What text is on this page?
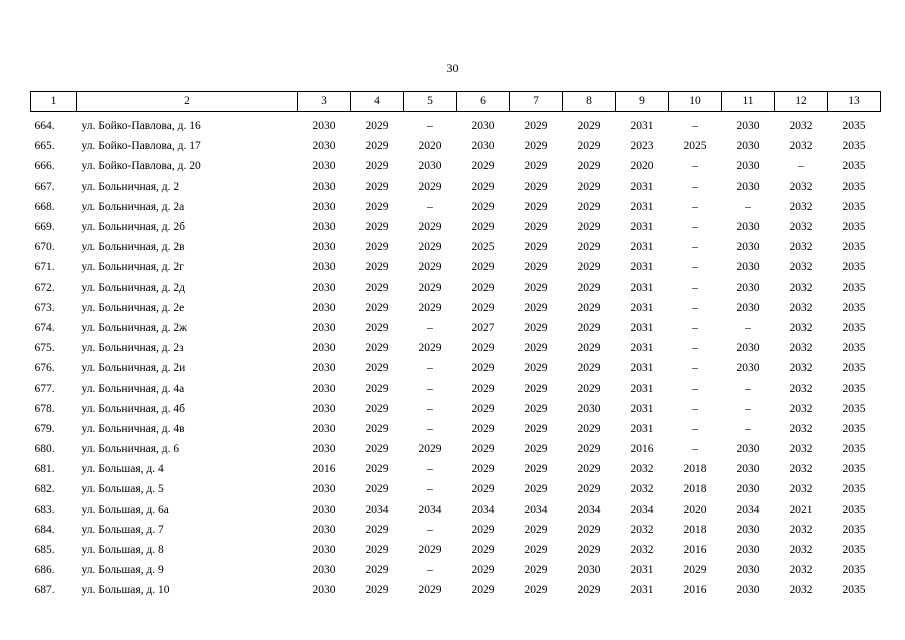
30
1	2	3	4	5	6	7	8	9	10	11	12	13
664.	ул. Бойко-Павлова, д. 16	2030	2029	–	2030	2029	2029	2031	–	2030	2032	2035
665.	ул. Бойко-Павлова, д. 17	2030	2029	2020	2030	2029	2029	2023	2025	2030	2032	2035
666.	ул. Бойко-Павлова, д. 20	2030	2029	2030	2029	2029	2029	2020	–	2030	–	2035
667.	ул. Больничная, д. 2	2030	2029	2029	2029	2029	2029	2031	–	2030	2032	2035
668.	ул. Больничная, д. 2а	2030	2029	–	2029	2029	2029	2031	–	–	2032	2035
669.	ул. Больничная, д. 2б	2030	2029	2029	2029	2029	2029	2031	–	2030	2032	2035
670.	ул. Больничная, д. 2в	2030	2029	2029	2025	2029	2029	2031	–	2030	2032	2035
671.	ул. Больничная, д. 2г	2030	2029	2029	2029	2029	2029	2031	–	2030	2032	2035
672.	ул. Больничная, д. 2д	2030	2029	2029	2029	2029	2029	2031	–	2030	2032	2035
673.	ул. Больничная, д. 2е	2030	2029	2029	2029	2029	2029	2031	–	2030	2032	2035
674.	ул. Больничная, д. 2ж	2030	2029	–	2027	2029	2029	2031	–	–	2032	2035
675.	ул. Больничная, д. 2з	2030	2029	2029	2029	2029	2029	2031	–	2030	2032	2035
676.	ул. Больничная, д. 2и	2030	2029	–	2029	2029	2029	2031	–	2030	2032	2035
677.	ул. Больничная, д. 4а	2030	2029	–	2029	2029	2029	2031	–	–	2032	2035
678.	ул. Больничная, д. 4б	2030	2029	–	2029	2029	2030	2031	–	–	2032	2035
679.	ул. Больничная, д. 4в	2030	2029	–	2029	2029	2029	2031	–	–	2032	2035
680.	ул. Больничная, д. 6	2030	2029	2029	2029	2029	2029	2016	–	2030	2032	2035
681.	ул. Большая, д. 4	2016	2029	–	2029	2029	2029	2032	2018	2030	2032	2035
682.	ул. Большая, д. 5	2030	2029	–	2029	2029	2029	2032	2018	2030	2032	2035
683.	ул. Большая, д. 6а	2030	2034	2034	2034	2034	2034	2034	2020	2034	2021	2035
684.	ул. Большая, д. 7	2030	2029	–	2029	2029	2029	2032	2018	2030	2032	2035
685.	ул. Большая, д. 8	2030	2029	2029	2029	2029	2029	2032	2016	2030	2032	2035
686.	ул. Большая, д. 9	2030	2029	–	2029	2029	2030	2031	2029	2030	2032	2035
687.	ул. Большая, д. 10	2030	2029	2029	2029	2029	2029	2031	2016	2030	2032	2035
